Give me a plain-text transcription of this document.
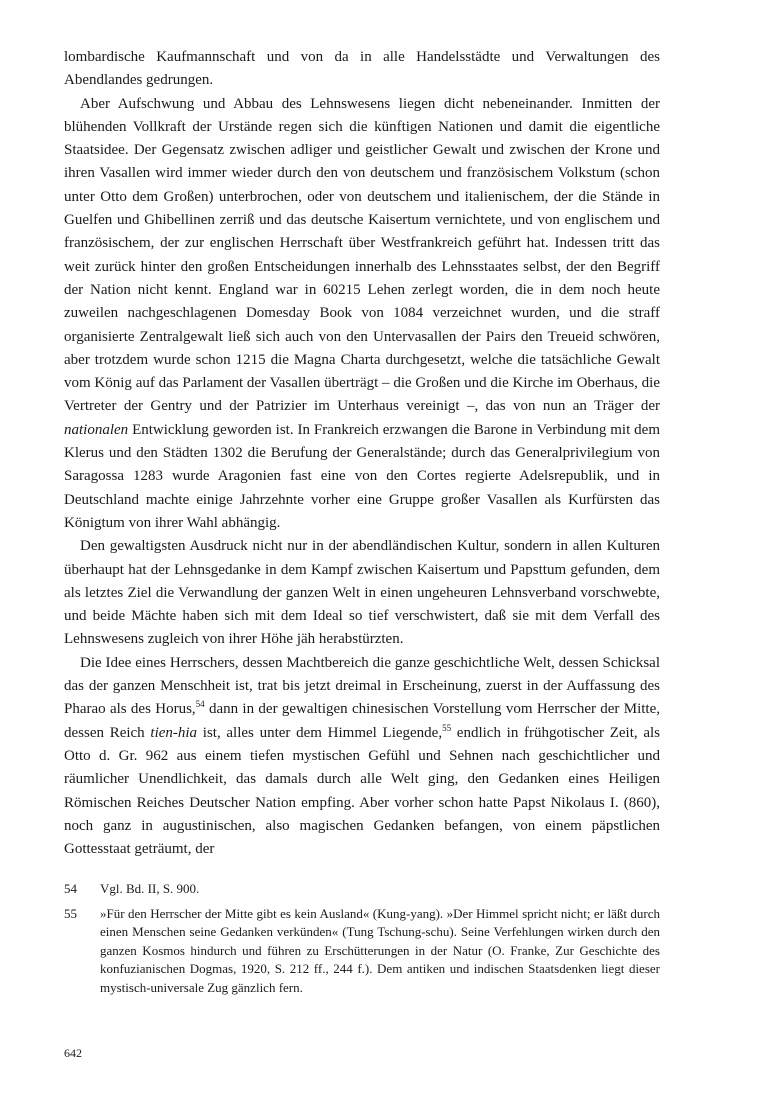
lombardische Kaufmannschaft und von da in alle Handelsstädte und Verwaltungen des Abendlandes gedrungen.

Aber Aufschwung und Abbau des Lehnswesens liegen dicht nebeneinander. Inmitten der blühenden Vollkraft der Urstände regen sich die künftigen Nationen und damit die eigentliche Staatsidee. Der Gegensatz zwischen adliger und geistlicher Gewalt und zwischen der Krone und ihren Vasallen wird immer wieder durch den von deutschem und französischem Volkstum (schon unter Otto dem Großen) unterbrochen, oder von deutschem und italienischem, der die Stände in Guelfen und Ghibellinen zerriß und das deutsche Kaisertum vernichtete, und von englischem und französischem, der zur englischen Herrschaft über Westfrankreich geführt hat. Indessen tritt das weit zurück hinter den großen Entscheidungen innerhalb des Lehnsstaates selbst, der den Begriff der Nation nicht kennt. England war in 60215 Lehen zerlegt worden, die in dem noch heute zuweilen nachgeschlagenen Domesday Book von 1084 verzeichnet wurden, und die straff organisierte Zentralgewalt ließ sich auch von den Untervasallen der Pairs den Treueid schwören, aber trotzdem wurde schon 1215 die Magna Charta durchgesetzt, welche die tatsächliche Gewalt vom König auf das Parlament der Vasallen überträgt – die Großen und die Kirche im Oberhaus, die Vertreter der Gentry und der Patrizier im Unterhaus vereinigt –, das von nun an Träger der nationalen Entwicklung geworden ist. In Frankreich erzwangen die Barone in Verbindung mit dem Klerus und den Städten 1302 die Berufung der Generalstände; durch das Generalprivilegium von Saragossa 1283 wurde Aragonien fast eine von den Cortes regierte Adelsrepublik, und in Deutschland machte einige Jahrzehnte vorher eine Gruppe großer Vasallen als Kurfürsten das Königtum von ihrer Wahl abhängig.

Den gewaltigsten Ausdruck nicht nur in der abendländischen Kultur, sondern in allen Kulturen überhaupt hat der Lehnsgedanke in dem Kampf zwischen Kaisertum und Papsttum gefunden, dem als letztes Ziel die Verwandlung der ganzen Welt in einen ungeheuren Lehnsverband vorschwebte, und beide Mächte haben sich mit dem Ideal so tief verschwistert, daß sie mit dem Verfall des Lehnswesens zugleich von ihrer Höhe jäh herabstürzten.

Die Idee eines Herrschers, dessen Machtbereich die ganze geschichtliche Welt, dessen Schicksal das der ganzen Menschheit ist, trat bis jetzt dreimal in Erscheinung, zuerst in der Auffassung des Pharao als des Horus,$^{54}$ dann in der gewaltigen chinesischen Vorstellung vom Herrscher der Mitte, dessen Reich tien-hia ist, alles unter dem Himmel Liegende,$^{55}$ endlich in frühgotischer Zeit, als Otto d. Gr. 962 aus einem tiefen mystischen Gefühl und Sehnen nach geschichtlicher und räumlicher Unendlichkeit, das damals durch alle Welt ging, den Gedanken eines Heiligen Römischen Reiches Deutscher Nation empfing. Aber vorher schon hatte Papst Nikolaus I. (860), noch ganz in augustinischen, also magischen Gedanken befangen, von einem päpstlichen Gottesstaat geträumt, der

54	Vgl. Bd. II, S. 900.
55	»Für den Herrscher der Mitte gibt es kein Ausland« (Kung-yang). »Der Himmel spricht nicht; er läßt durch einen Menschen seine Gedanken verkünden« (Tung Tschung-schu). Seine Verfehlungen wirken durch den ganzen Kosmos hindurch und führen zu Erschütterungen in der Natur (O. Franke, Zur Geschichte des konfuzianischen Dogmas, 1920, S. 212 ff., 244 f.). Dem antiken und indischen Staatsdenken liegt dieser mystisch-universale Zug gänzlich fern.
642
